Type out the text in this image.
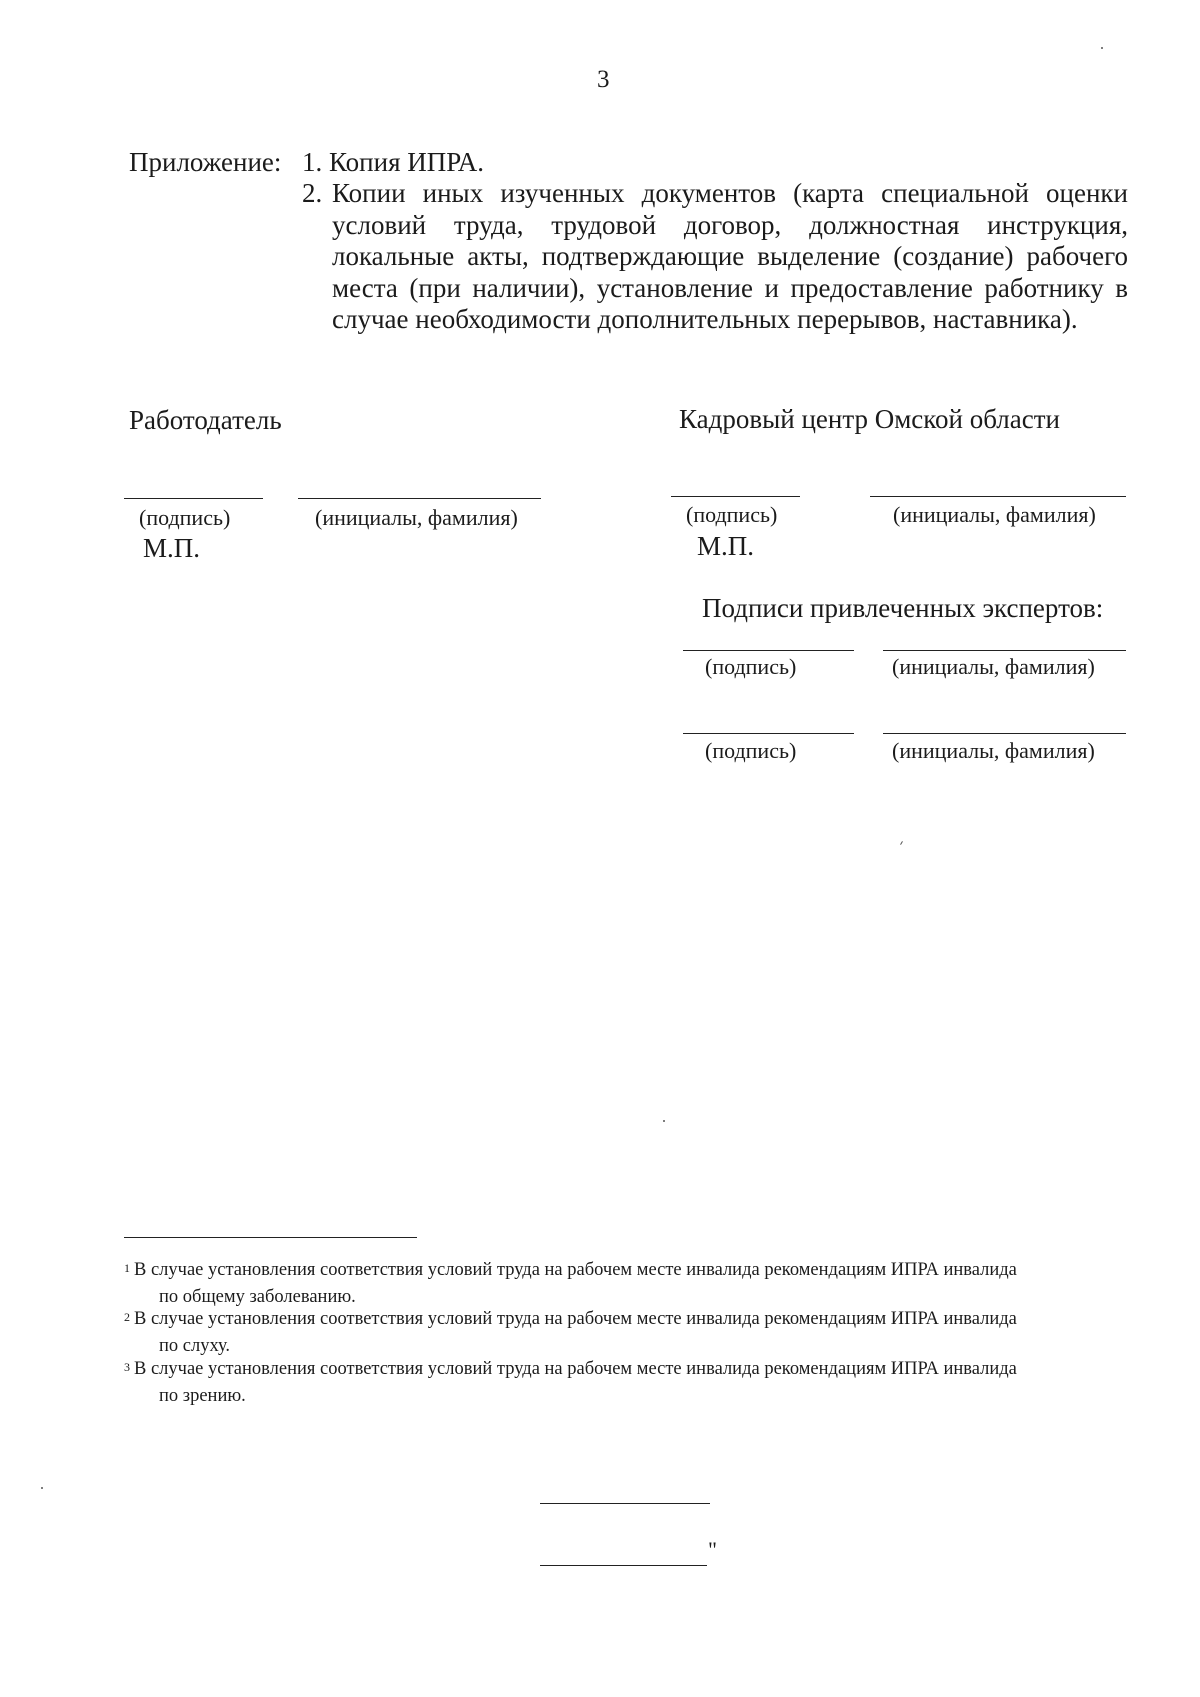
3
Приложение: 1. Копия ИПРА.
2. Копии иных изученных документов (карта специальной оценки условий труда, трудовой договор, должностная инструкция, локальные акты, подтверждающие выделение (создание) рабочего места (при наличии), установление и предоставление работнику в случае необходимости дополнительных перерывов, наставника).
Работодатель
(подпись)	(инициалы, фамилия)
М.П.
Кадровый центр Омской области
(подпись)	(инициалы, фамилия)
М.П.
Подписи привлеченных экспертов:
(подпись)	(инициалы, фамилия)
(подпись)	(инициалы, фамилия)
$^1$ В случае установления соответствия условий труда на рабочем месте инвалида рекомендациям ИПРА инвалида
по общему заболеванию.
$^2$ В случае установления соответствия условий труда на рабочем месте инвалида рекомендациям ИПРА инвалида
по слуху.
$^3$ В случае установления соответствия условий труда на рабочем месте инвалида рекомендациям ИПРА инвалида
по зрению.
"
